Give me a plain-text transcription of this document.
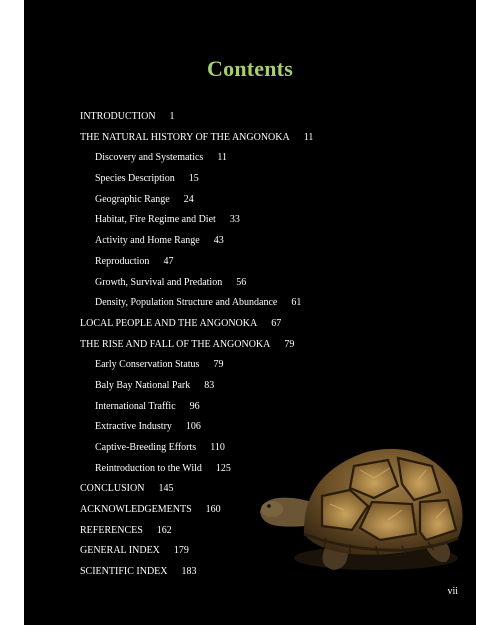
Contents
INTRODUCTION 1
THE NATURAL HISTORY OF THE ANGONOKA 11
Discovery and Systematics 11
Species Description 15
Geographic Range 24
Habitat, Fire Regime and Diet 33
Activity and Home Range 43
Reproduction 47
Growth, Survival and Predation 56
Density, Population Structure and Abundance 61
LOCAL PEOPLE AND THE ANGONOKA 67
THE RISE AND FALL OF THE ANGONOKA 79
Early Conservation Status 79
Baly Bay National Park 83
International Traffic 96
Extractive Industry 106
Captive-Breeding Efforts 110
Reintroduction to the Wild 125
CONCLUSION 145
ACKNOWLEDGEMENTS 160
REFERENCES 162
GENERAL INDEX 179
SCIENTIFIC INDEX 183
vii
